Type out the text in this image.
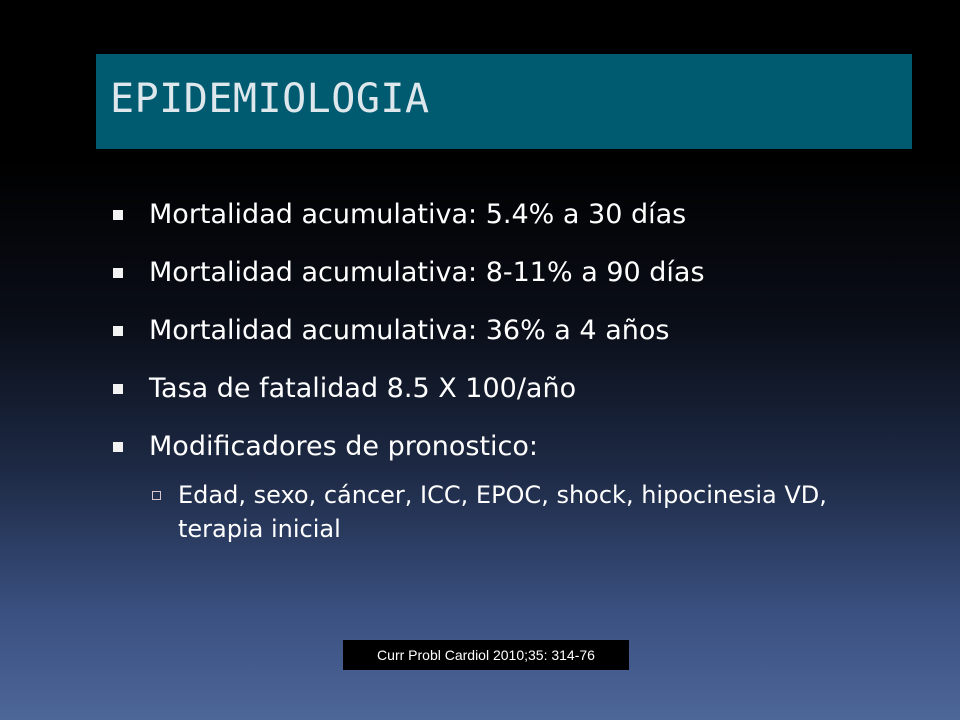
EPIDEMIOLOGIA
Mortalidad acumulativa: 5.4% a 30 días
Mortalidad acumulativa: 8-11% a 90 días
Mortalidad acumulativa: 36% a 4 años
Tasa de fatalidad 8.5 X 100/año
Modificadores de pronostico:
Edad, sexo, cáncer, ICC, EPOC, shock, hipocinesia VD, terapia inicial
Curr Probl Cardiol 2010;35: 314-76
